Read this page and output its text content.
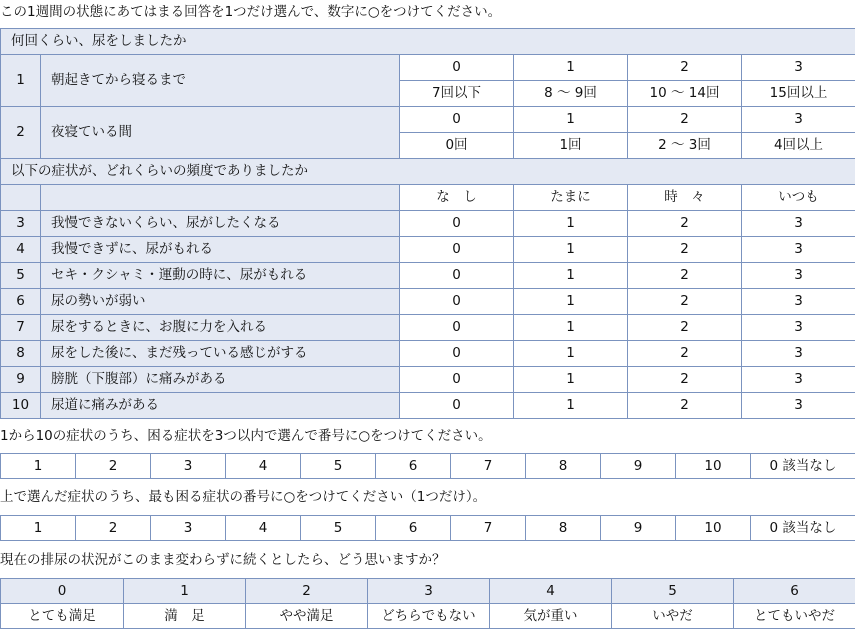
この1週間の状態にあてはまる回答を1つだけ選んで、数字に○をつけてください。
何回くらい、尿をしましたか					
1	朝起きてから寝るまで	0	1	2	3
		7回以下	8 〜 9回	10 〜 14回	15回以上
2	夜寝ている間	0	1	2	3
		0回	1回	2 〜 3回	4回以上
以下の症状が、どれくらいの頻度でありましたか					
		な　し	たまに	時　々	いつも
3	我慢できないくらい、尿がしたくなる	0	1	2	3
4	我慢できずに、尿がもれる	0	1	2	3
5	セキ・クシャミ・運動の時に、尿がもれる	0	1	2	3
6	尿の勢いが弱い	0	1	2	3
7	尿をするときに、お腹に力を入れる	0	1	2	3
8	尿をした後に、まだ残っている感じがする	0	1	2	3
9	膀胱（下腹部）に痛みがある	0	1	2	3
10	尿道に痛みがある	0	1	2	3
1から10の症状のうち、困る症状を3つ以内で選んで番号に○をつけてください。
1	2	3	4	5	6	7	8	9	10	0 該当なし
上で選んだ症状のうち、最も困る症状の番号に○をつけてください（1つだけ）。
1	2	3	4	5	6	7	8	9	10	0 該当なし
現在の排尿の状況がこのまま変わらずに続くとしたら、どう思いますか？
0	1	2	3	4	5	6
とても満足	満　足	やや満足	どちらでもない	気が重い	いやだ	とてもいやだ
